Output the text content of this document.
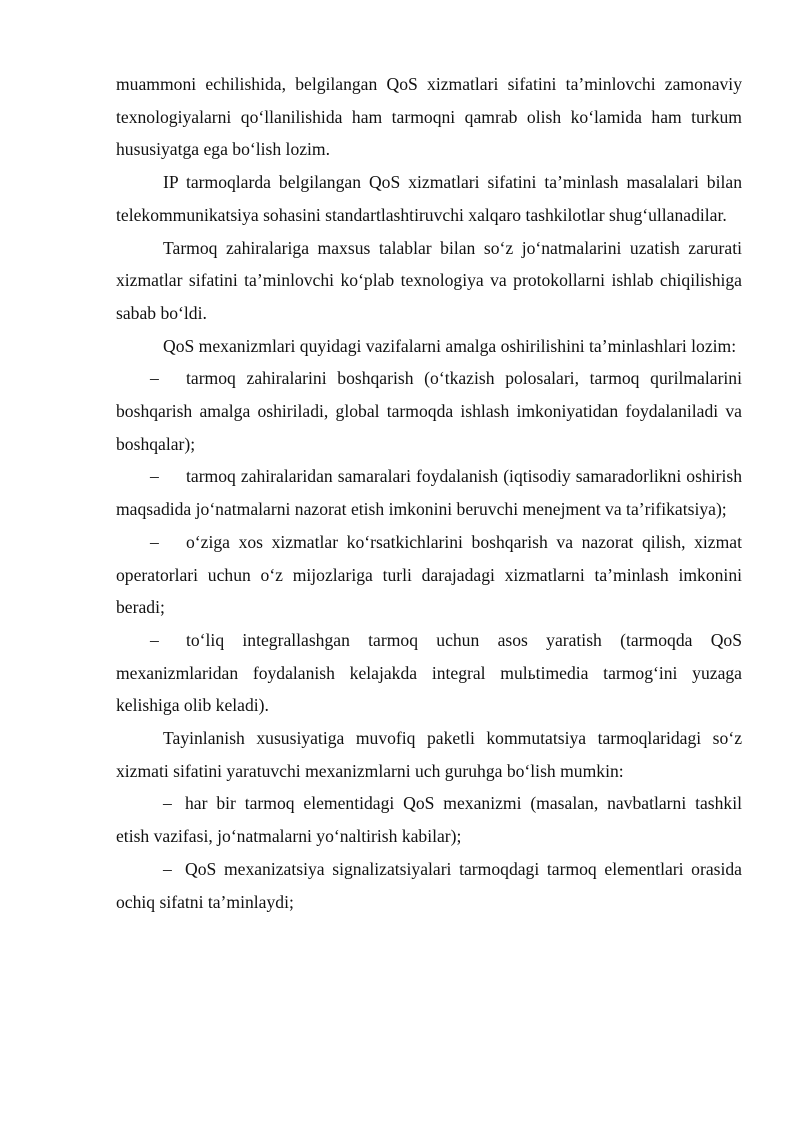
muammoni echilishida, belgilangan QoS xizmatlari sifatini ta’minlovchi zamonaviy texnologiyalarni qo‘llanilishida ham tarmoqni qamrab olish ko‘lamida ham turkum hususiyatga ega bo‘lish lozim.

IP tarmoqlarda belgilangan QoS xizmatlari sifatini ta’minlash masalalari bilan telekommunikatsiya sohasini standartlashtiruvchi xalqaro tashkilotlar shug‘ullanadilar.

Tarmoq zahiralariga maxsus talablar bilan so‘z jo‘natmalarini uzatish zarurati xizmatlar sifatini ta’minlovchi ko‘plab texnologiya va protokollarni ishlab chiqilishiga sabab bo‘ldi.

QoS mexanizmlari quyidagi vazifalarni amalga oshirilishini ta’minlashlari lozim:

– tarmoq zahiralarini boshqarish (o‘tkazish polosalari, tarmoq qurilmalarini boshqarish amalga oshiriladi, global tarmoqda ishlash imkoniyatidan foydalaniladi va boshqalar);

– tarmoq zahiralaridan samaralari foydalanish (iqtisodiy samaradorlikni oshirish maqsadida jo‘natmalarni nazorat etish imkonini beruvchi menejment va ta’rifikatsiya);

– o‘ziga xos xizmatlar ko‘rsatkichlarini boshqarish va nazorat qilish, xizmat operatorlari uchun o‘z mijozlariga turli darajadagi xizmatlarni ta’minlash imkonini beradi;

– to‘liq integrallashgan tarmoq uchun asos yaratish (tarmoqda QoS mexanizmlaridan foydalanish kelajakda integral mulьtimedia tarmog‘ini yuzaga kelishiga olib keladi).

Tayinlanish xususiyatiga muvofiq paketli kommutatsiya tarmoqlaridagi so‘z xizmati sifatini yaratuvchi mexanizmlarni uch guruhga bo‘lish mumkin:

– har bir tarmoq elementidagi QoS mexanizmi (masalan, navbatlarni tashkil etish vazifasi, jo‘natmalarni yo‘naltirish kabilar);

– QoS mexanizatsiya signalizatsiyalari tarmoqdagi tarmoq elementlari orasida ochiq sifatni ta’minlaydi;
